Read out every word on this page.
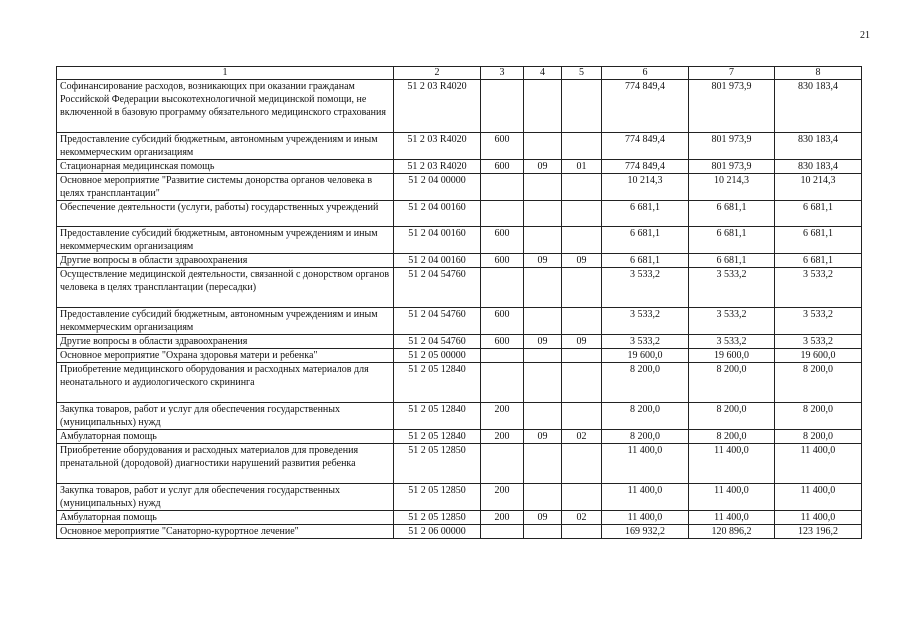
21
1	2	3	4	5	6	7	8
Софинансирование расходов, возникающих при оказании гражданам Российской Федерации высокотехнологичной медицинской помощи, не включенной в базовую программу обязательного медицинского страхования	51 2 03 R4020				774 849,4	801 973,9	830 183,4
Предоставление субсидий бюджетным, автономным учреждениям и иным некоммерческим организациям	51 2 03 R4020	600			774 849,4	801 973,9	830 183,4
Стационарная медицинская помощь	51 2 03 R4020	600	09	01	774 849,4	801 973,9	830 183,4
Основное мероприятие "Развитие системы донорства органов человека в целях трансплантации"	51 2 04 00000				10 214,3	10 214,3	10 214,3
Обеспечение деятельности (услуги, работы) государственных учреждений	51 2 04 00160				6 681,1	6 681,1	6 681,1
Предоставление субсидий бюджетным, автономным учреждениям и иным некоммерческим организациям	51 2 04 00160	600			6 681,1	6 681,1	6 681,1
Другие вопросы в области здравоохранения	51 2 04 00160	600	09	09	6 681,1	6 681,1	6 681,1
Осуществление медицинской деятельности, связанной с донорством органов человека в целях трансплантации (пересадки)	51 2 04 54760				3 533,2	3 533,2	3 533,2
Предоставление субсидий бюджетным, автономным учреждениям и иным некоммерческим организациям	51 2 04 54760	600			3 533,2	3 533,2	3 533,2
Другие вопросы в области здравоохранения	51 2 04 54760	600	09	09	3 533,2	3 533,2	3 533,2
Основное мероприятие "Охрана здоровья матери и ребенка"	51 2 05 00000				19 600,0	19 600,0	19 600,0
Приобретение медицинского оборудования и расходных материалов для неонатального и аудиологического скрининга	51 2 05 12840				8 200,0	8 200,0	8 200,0
Закупка товаров, работ и услуг для обеспечения государственных (муниципальных) нужд	51 2 05 12840	200			8 200,0	8 200,0	8 200,0
Амбулаторная помощь	51 2 05 12840	200	09	02	8 200,0	8 200,0	8 200,0
Приобретение оборудования и расходных материалов для проведения пренатальной (дородовой) диагностики нарушений развития ребенка	51 2 05 12850				11 400,0	11 400,0	11 400,0
Закупка товаров, работ и услуг для обеспечения государственных (муниципальных) нужд	51 2 05 12850	200			11 400,0	11 400,0	11 400,0
Амбулаторная помощь	51 2 05 12850	200	09	02	11 400,0	11 400,0	11 400,0
Основное мероприятие "Санаторно-курортное лечение"	51 2 06 00000				169 932,2	120 896,2	123 196,2
